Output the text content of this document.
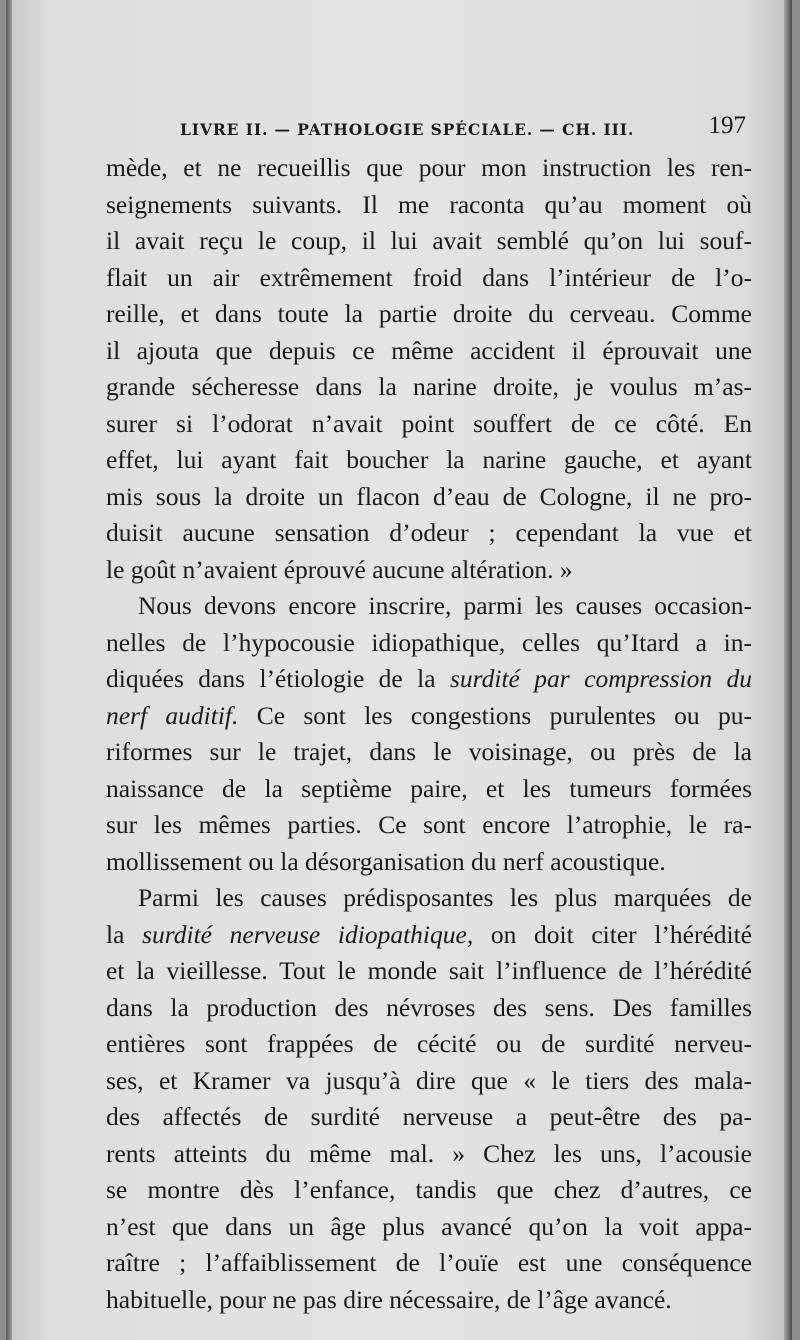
LIVRE II. — PATHOLOGIE SPÉCIALE. — CH. III.	197
mède, et ne recueillis que pour mon instruction les ren-
seignements suivants. Il me raconta qu’au moment où
il avait reçu le coup, il lui avait semblé qu’on lui souf-
flait un air extrêmement froid dans l’intérieur de l’o-
reille, et dans toute la partie droite du cerveau. Comme
il ajouta que depuis ce même accident il éprouvait une
grande sécheresse dans la narine droite, je voulus m’as-
surer si l’odorat n’avait point souffert de ce côté. En
effet, lui ayant fait boucher la narine gauche, et ayant
mis sous la droite un flacon d’eau de Cologne, il ne pro-
duisit aucune sensation d’odeur ; cependant la vue et
le goût n’avaient éprouvé aucune altération. »
Nous devons encore inscrire, parmi les causes occasion-
nelles de l’hypocousie idiopathique, celles qu’Itard a in-
diquées dans l’étiologie de la surdité par compression du
nerf auditif. Ce sont les congestions purulentes ou pu-
riformes sur le trajet, dans le voisinage, ou près de la
naissance de la septième paire, et les tumeurs formées
sur les mêmes parties. Ce sont encore l’atrophie, le ra-
mollissement ou la désorganisation du nerf acoustique.
Parmi les causes prédisposantes les plus marquées de
la surdité nerveuse idiopathique, on doit citer l’hérédité
et la vieillesse. Tout le monde sait l’influence de l’hérédité
dans la production des névroses des sens. Des familles
entières sont frappées de cécité ou de surdité nerveu-
ses, et Kramer va jusqu’à dire que « le tiers des mala-
des affectés de surdité nerveuse a peut-être des pa-
rents atteints du même mal. » Chez les uns, l’acousie
se montre dès l’enfance, tandis que chez d’autres, ce
n’est que dans un âge plus avancé qu’on la voit appa-
raître ; l’affaiblissement de l’ouïe est une conséquence
habituelle, pour ne pas dire nécessaire, de l’âge avancé.
